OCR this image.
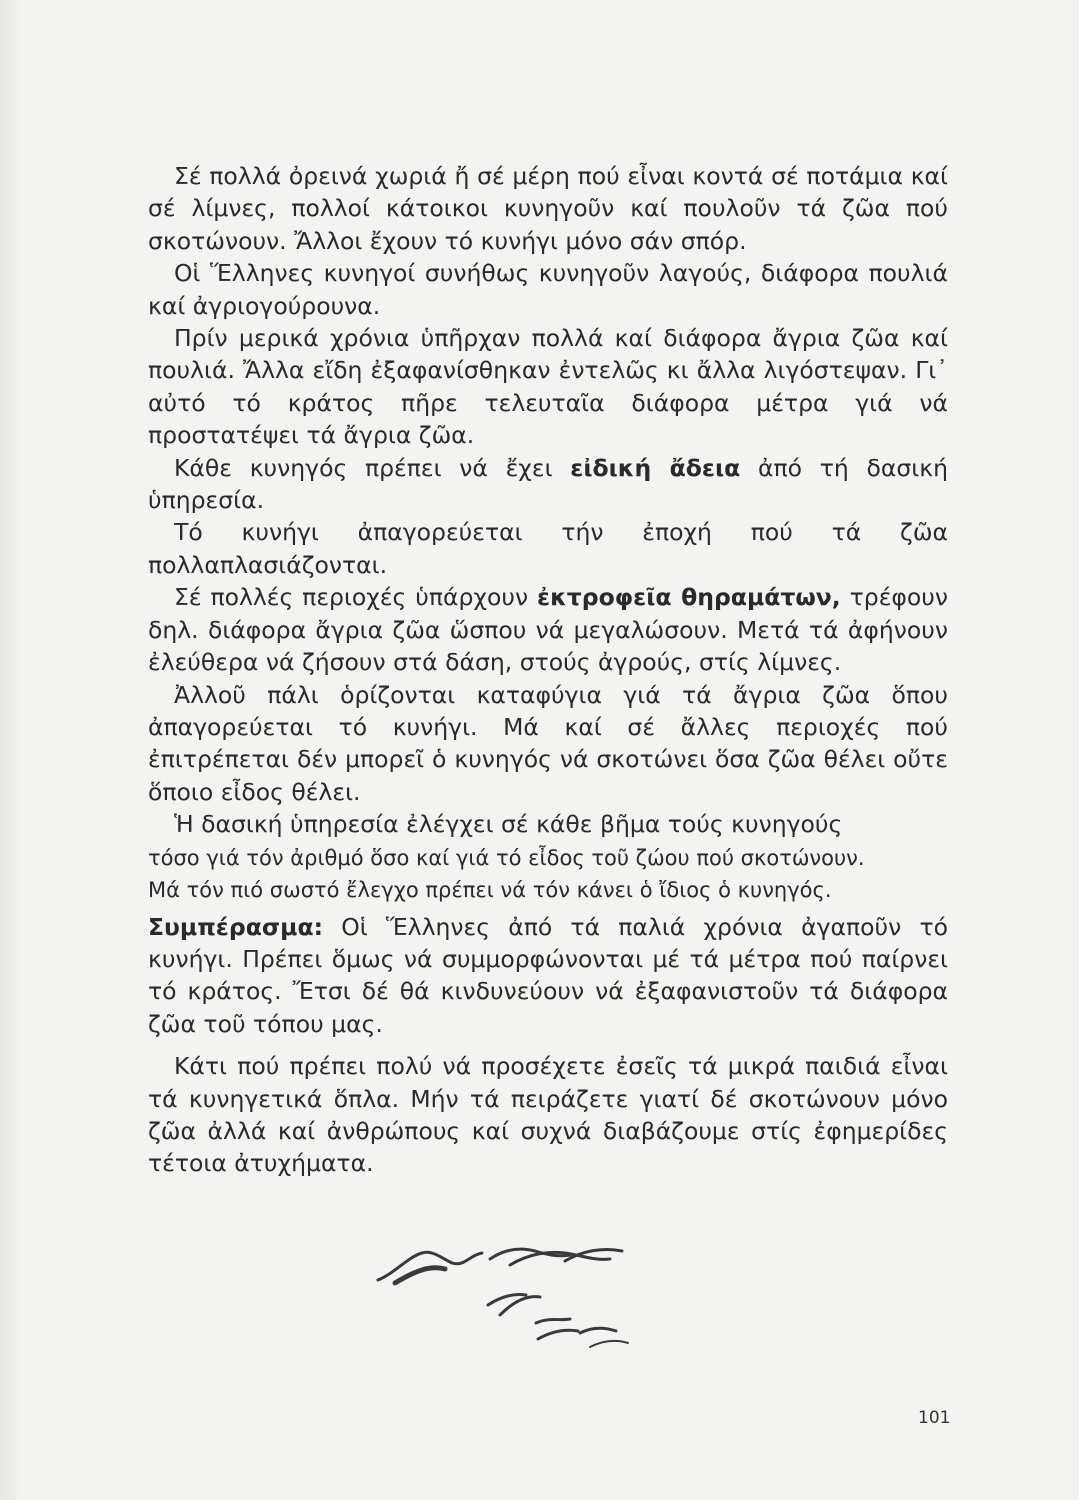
Σέ πολλά ὀρεινά χωριά ἤ σέ μέρη πού εἶναι κοντά σέ ποτάμια καί σέ λίμνες, πολλοί κάτοικοι κυνηγοῦν καί πουλοῦν τά ζῶα πού σκοτώνουν. Ἄλλοι ἔχουν τό κυνήγι μόνο σάν σπόρ.

Οἱ Ἕλληνες κυνηγοί συνήθως κυνηγοῦν λαγούς, διάφορα πουλιά καί ἀγριογούρουνα.

Πρίν μερικά χρόνια ὑπῆρχαν πολλά καί διάφορα ἄγρια ζῶα καί πουλιά. Ἄλλα εἴδη ἐξαφανίσθηκαν ἐντελῶς κι ἄλλα λιγόστεψαν. Γι᾿ αὐτό τό κράτος πῆρε τελευταῖα διάφορα μέτρα γιά νά προστατέψει τά ἄγρια ζῶα.

Κάθε κυνηγός πρέπει νά ἔχει εἰδική ἄδεια ἀπό τή δασική ὑπηρεσία.

Τό κυνήγι ἀπαγορεύεται τήν ἐποχή πού τά ζῶα πολλαπλασιάζονται.

Σέ πολλές περιοχές ὑπάρχουν ἐκτροφεῖα θηραμάτων, τρέφουν δηλ. διάφορα ἄγρια ζῶα ὥσπου νά μεγαλώσουν. Μετά τά ἀφήνουν ἐλεύθερα νά ζήσουν στά δάση, στούς ἀγρούς, στίς λίμνες.

Ἀλλοῦ πάλι ὁρίζονται καταφύγια γιά τά ἄγρια ζῶα ὅπου ἀπαγορεύεται τό κυνήγι. Μά καί σέ ἄλλες περιοχές πού ἐπιτρέπεται δέν μπορεῖ ὁ κυνηγός νά σκοτώνει ὅσα ζῶα θέλει οὔτε ὅποιο εἶδος θέλει.

Ἡ δασική ὑπηρεσία ἐλέγχει σέ κάθε βῆμα τούς κυνηγούς

τόσο γιά τόν ἀριθμό ὅσο καί γιά τό εἶδος τοῦ ζώου πού σκοτώνουν.

Μά τόν πιό σωστό ἔλεγχο πρέπει νά τόν κάνει ὁ ἴδιος ὁ κυνηγός.

Συμπέρασμα: Οἱ Ἕλληνες ἀπό τά παλιά χρόνια ἀγαποῦν τό κυνήγι. Πρέπει ὅμως νά συμμορφώνονται μέ τά μέτρα πού παίρνει τό κράτος. Ἔτσι δέ θά κινδυνεύουν νά ἐξαφανιστοῦν τά διάφορα ζῶα τοῦ τόπου μας.

Κάτι πού πρέπει πολύ νά προσέχετε ἐσεῖς τά μικρά παιδιά εἶναι τά κυνηγετικά ὅπλα. Μήν τά πειράζετε γιατί δέ σκοτώνουν μόνο ζῶα ἀλλά καί ἀνθρώπους καί συχνά διαβάζουμε στίς ἐφημερίδες τέτοια ἀτυχήματα.

101
